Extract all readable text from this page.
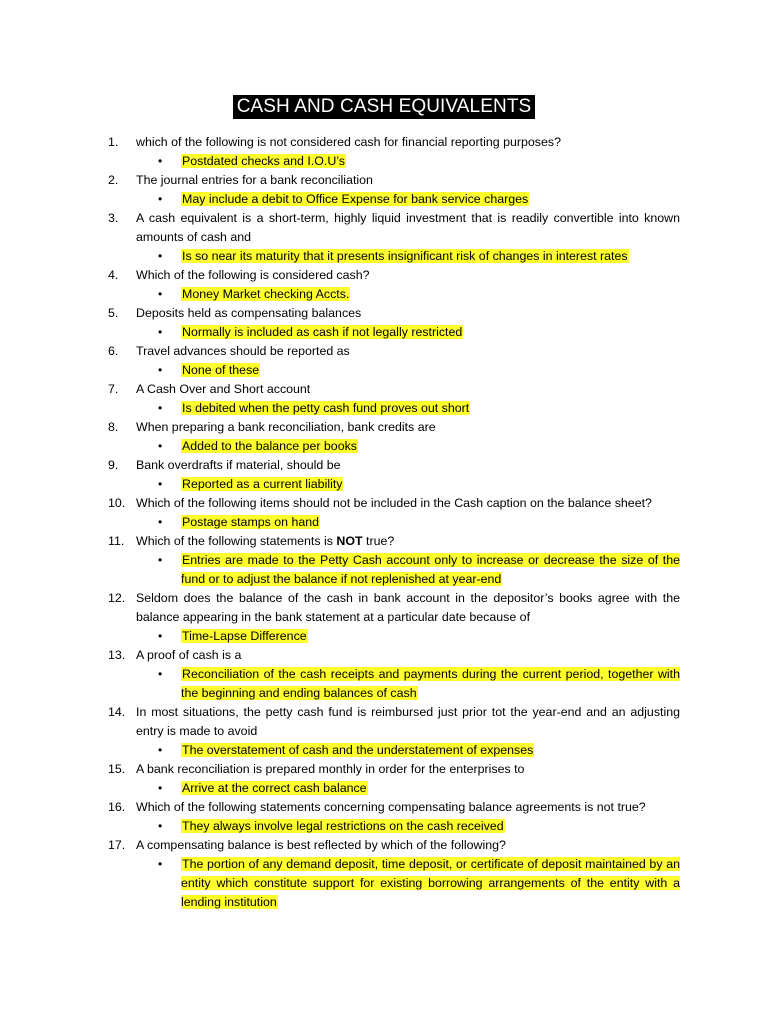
CASH AND CASH EQUIVALENTS
1.	which of the following is not considered cash for financial reporting purposes?
• Postdated checks and I.O.U’s
2.	The journal entries for a bank reconciliation
• May include a debit to Office Expense for bank service charges
3.	A cash equivalent is a short-term, highly liquid investment that is readily convertible into known amounts of cash and
• Is so near its maturity that it presents insignificant risk of changes in interest rates
4.	Which of the following is considered cash?
• Money Market checking Accts.
5.	Deposits held as compensating balances
• Normally is included as cash if not legally restricted
6.	Travel advances should be reported as
• None of these
7.	A Cash Over and Short account
• Is debited when the petty cash fund proves out short
8.	When preparing a bank reconciliation, bank credits are
• Added to the balance per books
9.	Bank overdrafts if material, should be
• Reported as a current liability
10. Which of the following items should not be included in the Cash caption on the balance sheet?
• Postage stamps on hand
11. Which of the following statements is NOT true?
• Entries are made to the Petty Cash account only to increase or decrease the size of the fund or to adjust the balance if not replenished at year-end
12. Seldom does the balance of the cash in bank account in the depositor’s books agree with the balance appearing in the bank statement at a particular date because of
• Time-Lapse Difference
13. A proof of cash is a
• Reconciliation of the cash receipts and payments during the current period, together with the beginning and ending balances of cash
14. In most situations, the petty cash fund is reimbursed just prior tot the year-end and an adjusting entry is made to avoid
• The overstatement of cash and the understatement of expenses
15. A bank reconciliation is prepared monthly in order for the enterprises to
• Arrive at the correct cash balance
16. Which of the following statements concerning compensating balance agreements is not true?
• They always involve legal restrictions on the cash received
17. A compensating balance is best reflected by which of the following?
• The portion of any demand deposit, time deposit, or certificate of deposit maintained by an entity which constitute support for existing borrowing arrangements of the entity with a lending institution
